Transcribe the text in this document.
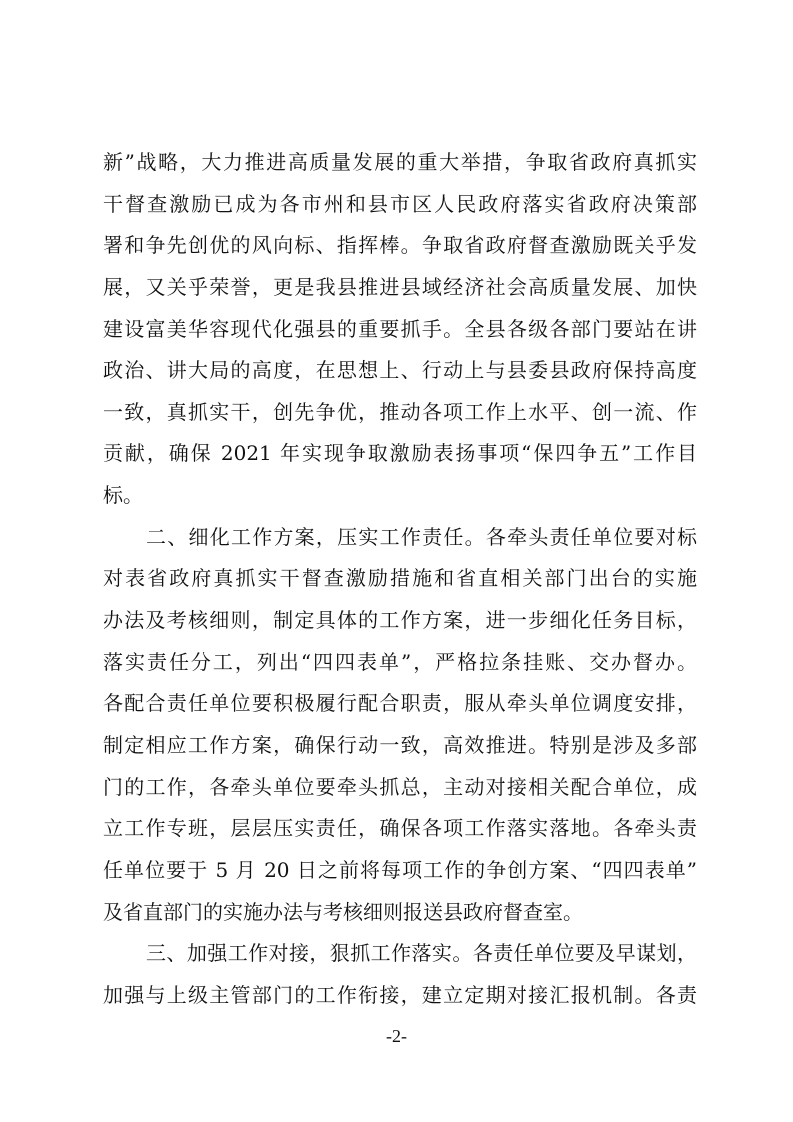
新”战略，大力推进高质量发展的重大举措，争取省政府真抓实
干督查激励已成为各市州和县市区人民政府落实省政府决策部
署和争先创优的风向标、指挥棒。争取省政府督查激励既关乎发
展，又关乎荣誉，更是我县推进县域经济社会高质量发展、加快
建设富美华容现代化强县的重要抓手。全县各级各部门要站在讲
政治、讲大局的高度，在思想上、行动上与县委县政府保持高度
一致，真抓实干，创先争优，推动各项工作上水平、创一流、作
贡献，确保 2021 年实现争取激励表扬事项“保四争五”工作目
标。
二、细化工作方案，压实工作责任。各牵头责任单位要对标
对表省政府真抓实干督查激励措施和省直相关部门出台的实施
办法及考核细则，制定具体的工作方案，进一步细化任务目标，
落实责任分工，列出“四四表单”，严格拉条挂账、交办督办。
各配合责任单位要积极履行配合职责，服从牵头单位调度安排，
制定相应工作方案，确保行动一致，高效推进。特别是涉及多部
门的工作，各牵头单位要牵头抓总，主动对接相关配合单位，成
立工作专班，层层压实责任，确保各项工作落实落地。各牵头责
任单位要于 5 月 20 日之前将每项工作的争创方案、“四四表单”
及省直部门的实施办法与考核细则报送县政府督查室。
三、加强工作对接，狠抓工作落实。各责任单位要及早谋划，
加强与上级主管部门的工作衔接，建立定期对接汇报机制。各责
-2-
